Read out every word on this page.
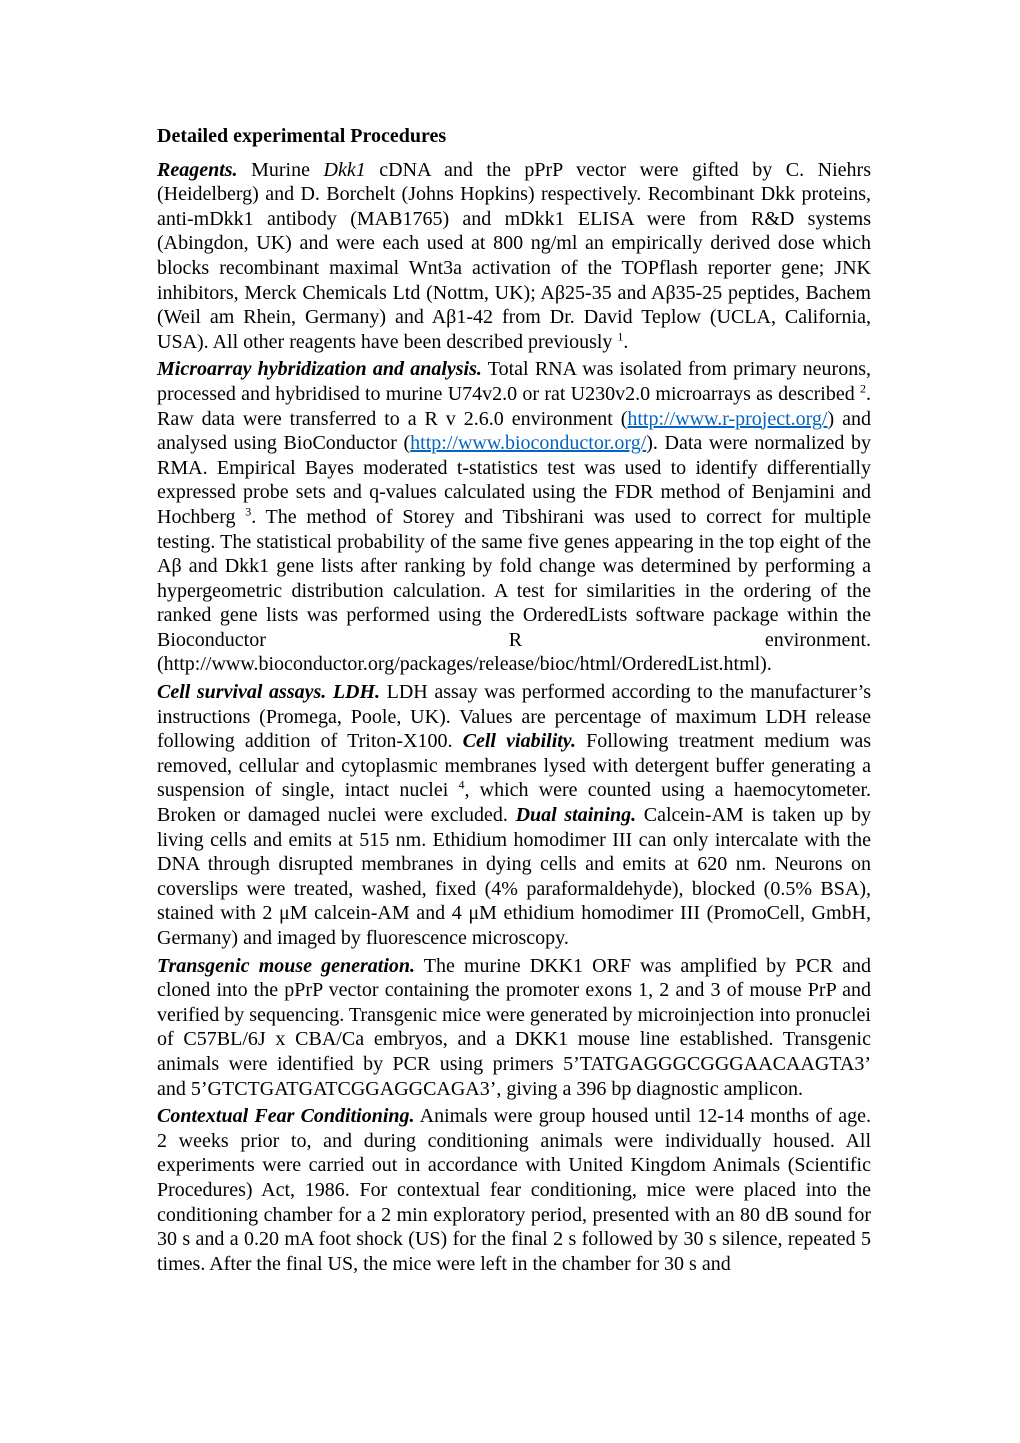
Detailed experimental Procedures

Reagents. Murine Dkk1 cDNA and the pPrP vector were gifted by C. Niehrs (Heidelberg) and D. Borchelt (Johns Hopkins) respectively. Recombinant Dkk proteins, anti-mDkk1 antibody (MAB1765) and mDkk1 ELISA were from R&D systems (Abingdon, UK) and were each used at 800 ng/ml an empirically derived dose which blocks recombinant maximal Wnt3a activation of the TOPflash reporter gene; JNK inhibitors, Merck Chemicals Ltd (Nottm, UK); Aβ25-35 and Aβ35-25 peptides, Bachem (Weil am Rhein, Germany) and Aβ1-42 from Dr. David Teplow (UCLA, California, USA). All other reagents have been described previously $^1$.

Microarray hybridization and analysis. Total RNA was isolated from primary neurons, processed and hybridised to murine U74v2.0 or rat U230v2.0 microarrays as described $^2$. Raw data were transferred to a R v 2.6.0 environment (http://www.r-project.org/) and analysed using BioConductor (http://www.bioconductor.org/). Data were normalized by RMA. Empirical Bayes moderated t-statistics test was used to identify differentially expressed probe sets and q-values calculated using the FDR method of Benjamini and Hochberg $^3$. The method of Storey and Tibshirani was used to correct for multiple testing. The statistical probability of the same five genes appearing in the top eight of the Aβ and Dkk1 gene lists after ranking by fold change was determined by performing a hypergeometric distribution calculation. A test for similarities in the ordering of the ranked gene lists was performed using the OrderedLists software package within the Bioconductor R environment. (http://www.bioconductor.org/packages/release/bioc/html/OrderedList.html).

Cell survival assays. LDH. LDH assay was performed according to the manufacturer’s instructions (Promega, Poole, UK). Values are percentage of maximum LDH release following addition of Triton-X100. Cell viability. Following treatment medium was removed, cellular and cytoplasmic membranes lysed with detergent buffer generating a suspension of single, intact nuclei $^4$, which were counted using a haemocytometer. Broken or damaged nuclei were excluded. Dual staining. Calcein-AM is taken up by living cells and emits at 515 nm. Ethidium homodimer III can only intercalate with the DNA through disrupted membranes in dying cells and emits at 620 nm. Neurons on coverslips were treated, washed, fixed (4% paraformaldehyde), blocked (0.5% BSA), stained with 2 μM calcein-AM and 4 μM ethidium homodimer III (PromoCell, GmbH, Germany) and imaged by fluorescence microscopy.

Transgenic mouse generation. The murine DKK1 ORF was amplified by PCR and cloned into the pPrP vector containing the promoter exons 1, 2 and 3 of mouse PrP and verified by sequencing. Transgenic mice were generated by microinjection into pronuclei of C57BL/6J x CBA/Ca embryos, and a DKK1 mouse line established. Transgenic animals were identified by PCR using primers 5’TATGAGGGCGGGAACAAGTA3’ and 5’GTCTGATGATCGGAGGCAGA3’, giving a 396 bp diagnostic amplicon.

Contextual Fear Conditioning. Animals were group housed until 12-14 months of age. 2 weeks prior to, and during conditioning animals were individually housed. All experiments were carried out in accordance with United Kingdom Animals (Scientific Procedures) Act, 1986. For contextual fear conditioning, mice were placed into the conditioning chamber for a 2 min exploratory period, presented with an 80 dB sound for 30 s and a 0.20 mA foot shock (US) for the final 2 s followed by 30 s silence, repeated 5 times. After the final US, the mice were left in the chamber for 30 s and
